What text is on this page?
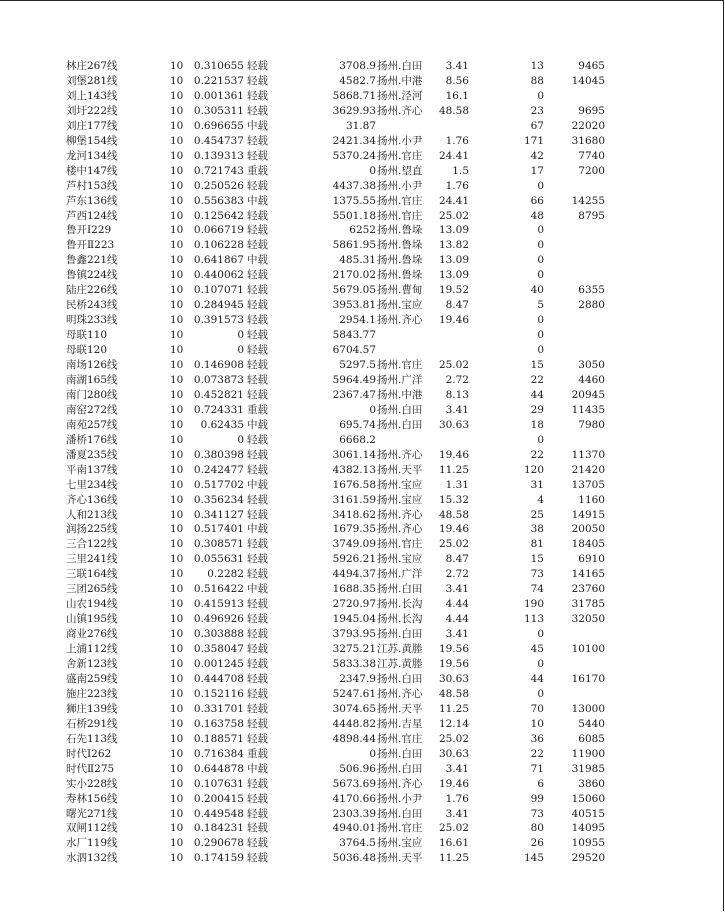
林庄267线	10	0.310655 轻载	3708.9 扬州.白田	3.41	13	9465
刘堡281线	10	0.221537 轻载	4582.7 扬州.中港	8.56	88	14045
刘上143线	10	0.001361 轻载	5868.71 扬州.泾河	16.1	0
刘圩222线	10	0.305311 轻载	3629.93 扬州.齐心	48.58	23	9695
刘庄177线	10	0.696655 中载	31.87	67	22020
柳堡154线	10	0.454737 轻载	2421.34 扬州.小尹	1.76	171	31680
龙河134线	10	0.139313 轻载	5370.24 扬州.官庄	24.41	42	7740
楼中147线	10	0.721743 重载	0 扬州.望直	1.5	17	7200
芦村153线	10	0.250526 轻载	4437.38 扬州.小尹	1.76	0
芦东136线	10	0.556383 中载	1375.55 扬州.官庄	24.41	66	14255
芦西124线	10	0.125642 轻载	5501.18 扬州.官庄	25.02	48	8795
鲁开Ⅰ229	10	0.066719 轻载	6252 扬州.鲁垛	13.09	0
鲁开Ⅱ223	10	0.106228 轻载	5861.95 扬州.鲁垛	13.82	0
鲁鑫221线	10	0.641867 中载	485.31 扬州.鲁垛	13.09	0
鲁镇224线	10	0.440062 轻载	2170.02 扬州.鲁垛	13.09	0
陆庄226线	10	0.107071 轻载	5679.05 扬州.曹甸	19.52	40	6355
民桥243线	10	0.284945 轻载	3953.81 扬州.宝应	8.47	5	2880
明珠233线	10	0.391573 轻载	2954.1 扬州.齐心	19.46	0
母联110	10	0 轻载	5843.77	0
母联120	10	0 轻载	6704.57	0
南场126线	10	0.146908 轻载	5297.5 扬州.官庄	25.02	15	3050
南湖165线	10	0.073873 轻载	5964.49 扬州.广洋	2.72	22	4460
南门280线	10	0.452821 轻载	2367.47 扬州.中港	8.13	44	20945
南窑272线	10	0.724331 重载	0 扬州.白田	3.41	29	11435
南苑257线	10	0.62435 中载	695.74 扬州.白田	30.63	18	7980
潘桥176线	10	0 轻载	6668.2	0
潘夏235线	10	0.380398 轻载	3061.14 扬州.齐心	19.46	22	11370
平南137线	10	0.242477 轻载	4382.13 扬州.天平	11.25	120	21420
七里234线	10	0.517702 中载	1676.58 扬州.宝应	1.31	31	13705
齐心136线	10	0.356234 轻载	3161.59 扬州.宝应	15.32	4	1160
人和213线	10	0.341127 轻载	3418.62 扬州.齐心	48.58	25	14915
润扬225线	10	0.517401 中载	1679.35 扬州.齐心	19.46	38	20050
三合122线	10	0.308571 轻载	3749.09 扬州.官庄	25.02	81	18405
三里241线	10	0.055631 轻载	5926.21 扬州.宝应	8.47	15	6910
三联164线	10	0.2282 轻载	4494.37 扬州.广洋	2.72	73	14165
三团265线	10	0.516422 中载	1688.35 扬州.白田	3.41	74	23760
山农194线	10	0.415913 轻载	2720.97 扬州.长沟	4.44	190	31785
山镇195线	10	0.496926 轻载	1945.04 扬州.长沟	4.44	113	32050
商业276线	10	0.303888 轻载	3793.95 扬州.白田	3.41	0
上浦112线	10	0.358047 轻载	3275.21 江苏.黄塍	19.56	45	10100
舍新123线	10	0.001245 轻载	5833.38 江苏.黄塍	19.56	0
盛南259线	10	0.444708 轻载	2347.9 扬州.白田	30.63	44	16170
施庄223线	10	0.152116 轻载	5247.61 扬州.齐心	48.58	0
狮庄139线	10	0.331701 轻载	3074.65 扬州.天平	11.25	70	13000
石桥291线	10	0.163758 轻载	4448.82 扬州.吉星	12.14	10	5440
石先113线	10	0.188571 轻载	4898.44 扬州.官庄	25.02	36	6085
时代Ⅰ262	10	0.716384 重载	0 扬州.白田	30.63	22	11900
时代Ⅱ275	10	0.644878 中载	506.96 扬州.白田	3.41	71	31985
实小228线	10	0.107631 轻载	5673.69 扬州.齐心	19.46	6	3860
寿林156线	10	0.200415 轻载	4170.66 扬州.小尹	1.76	99	15060
曙光271线	10	0.449548 轻载	2303.39 扬州.白田	3.41	73	40515
双闸112线	10	0.184231 轻载	4940.01 扬州.官庄	25.02	80	14095
水厂119线	10	0.290678 轻载	3764.5 扬州.宝应	16.61	26	10955
水泗132线	10	0.174159 轻载	5036.48 扬州.天平	11.25	145	29520
